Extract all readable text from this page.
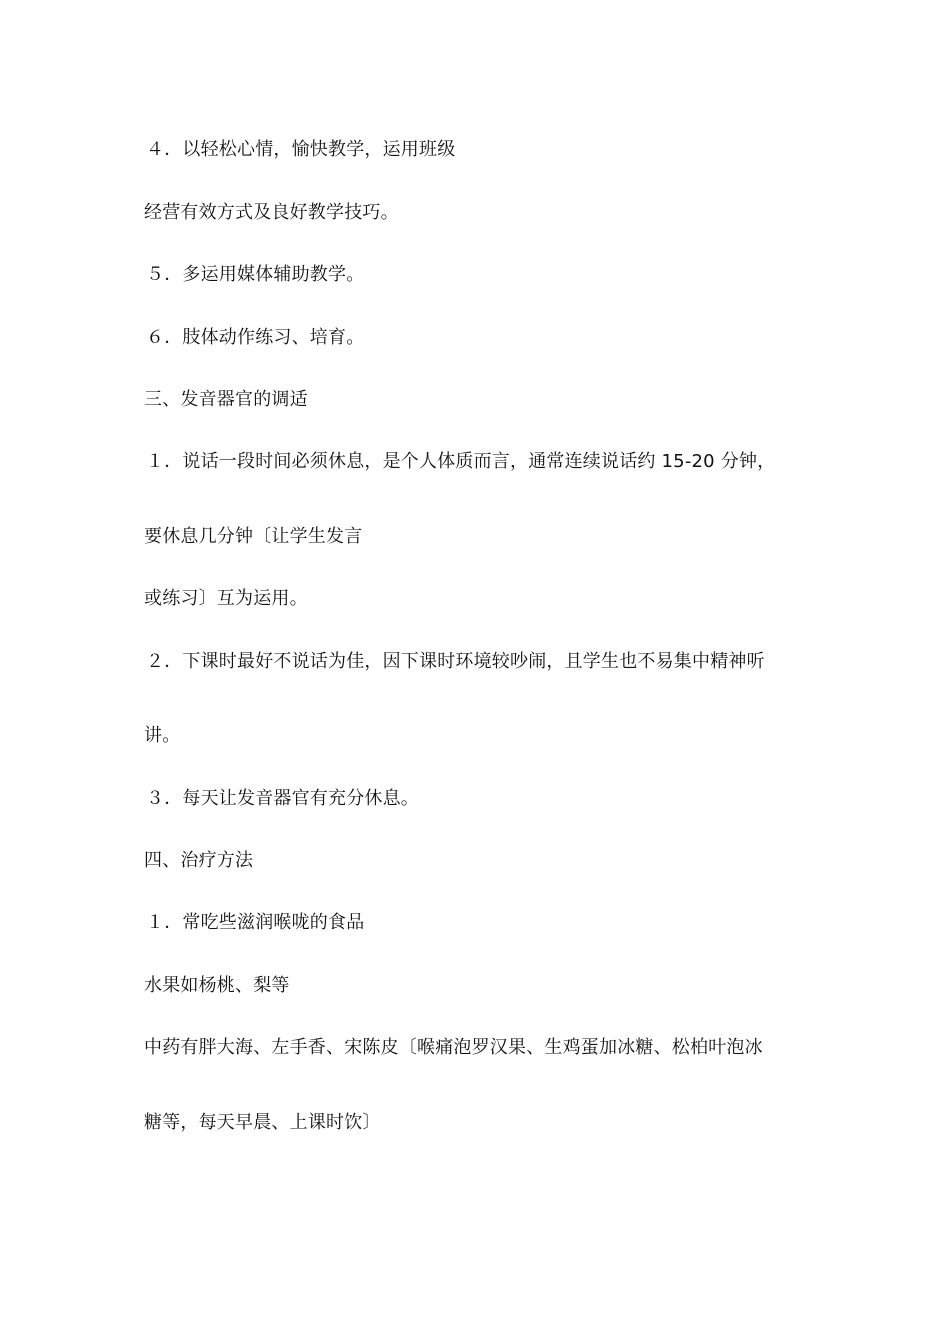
４．以轻松心情，愉快教学，运用班级
经营有效方式及良好教学技巧。
５．多运用媒体辅助教学。
６．肢体动作练习、培育。
三、发音器官的调适
１．说话一段时间必须休息，是个人体质而言，通常连续说话约 15-20 分钟，
要休息几分钟〔让学生发言
或练习〕互为运用。
２．下课时最好不说话为佳，因下课时环境较吵闹，且学生也不易集中精神听
讲。
３．每天让发音器官有充分休息。
四、治疗方法
１．常吃些滋润喉咙的食品
水果如杨桃、梨等
中药有胖大海、左手香、宋陈皮〔喉痛泡罗汉果、生鸡蛋加冰糖、松柏叶泡冰
糖等，每天早晨、上课时饮〕
